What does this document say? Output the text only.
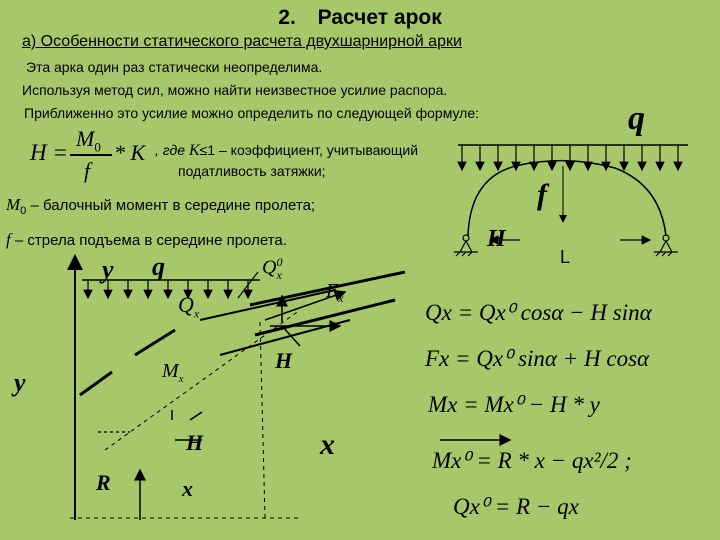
2. Расчет арок
а) Особенности статического расчета двухшарнирной арки
Эта арка один раз статически неопределима.
Используя метод сил, можно найти неизвестное усилие распора.
Приближенно это усилие можно определить по следующей формуле:
H =
$M_0$
f
* K , где K≤1 – коэффициент, учитывающий
податливость затяжки;
$M_0$ – балочный момент в середине пролета;
f – стрела подъема в середине пролета.
q
f
H
L
y q	$Q^0_x$
$F_x$
$Q_x$
H
$M_x$
y
H	x
R	x
Qx = Qx⁰ cosα − H sinα
Fx = Qx⁰ sinα + H cosα
Mx = Mx⁰ − H * y
Mx⁰ = R * x − qx²/2 ;
Qx⁰ = R − qx
